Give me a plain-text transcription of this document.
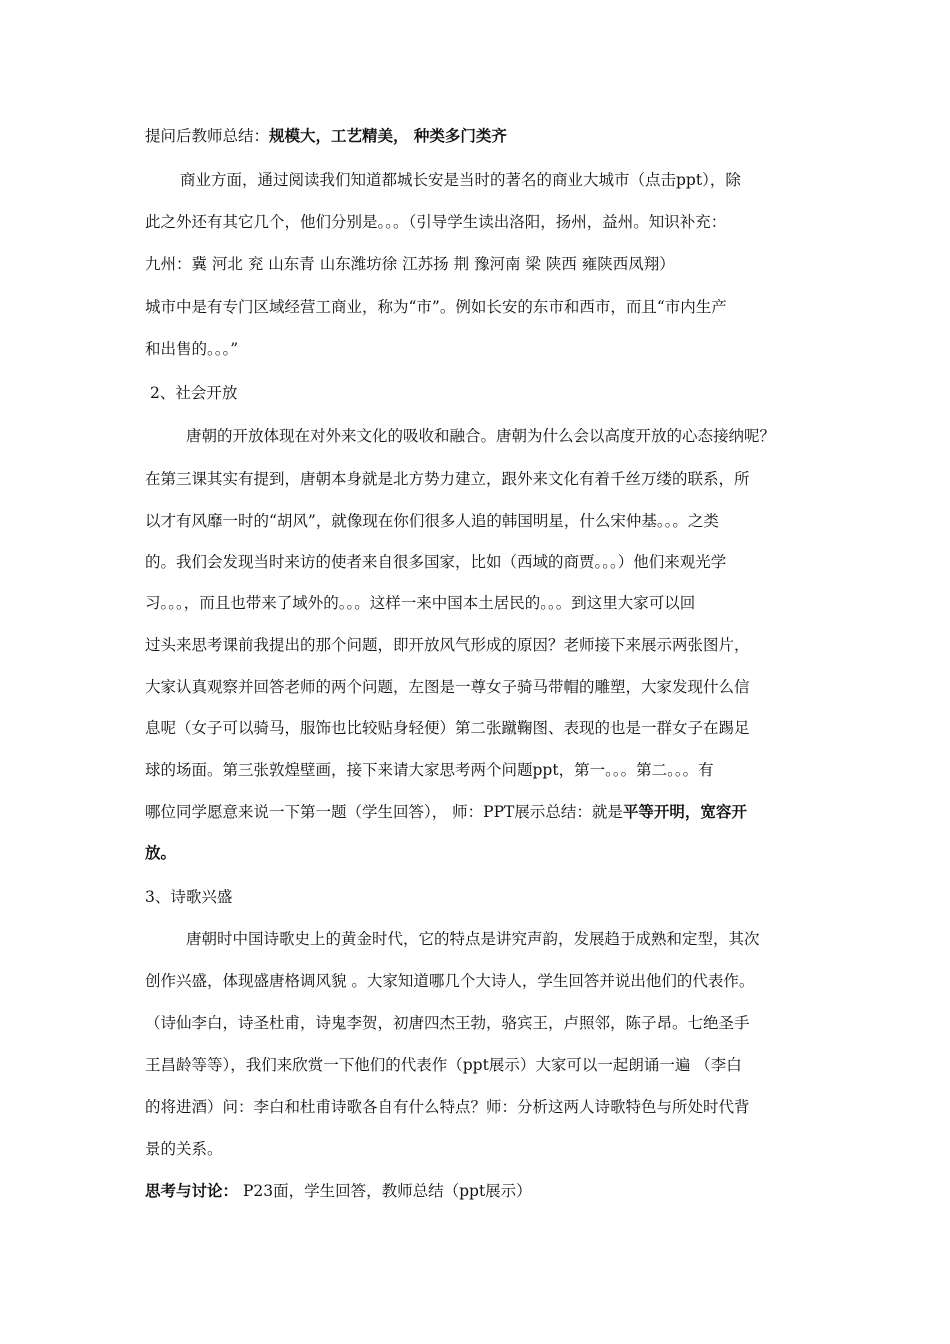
提问后教师总结：规模大，工艺精美， 种类多门类齐
商业方面，通过阅读我们知道都城长安是当时的著名的商业大城市（点击ppt），除
此之外还有其它几个，他们分别是。。。（引导学生读出洛阳，扬州，益州。知识补充：
九州：冀 河北 兖 山东青 山东潍坊徐 江苏扬 荆 豫河南 梁 陕西 雍陕西凤翔）
城市中是有专门区域经营工商业，称为“市”。例如长安的东市和西市，而且“市内生产
和出售的。。。”
2、社会开放
唐朝的开放体现在对外来文化的吸收和融合。唐朝为什么会以高度开放的心态接纳呢？
在第三课其实有提到，唐朝本身就是北方势力建立，跟外来文化有着千丝万缕的联系，所
以才有风靡一时的“胡风”，就像现在你们很多人追的韩国明星，什么宋仲基。。。之类
的。我们会发现当时来访的使者来自很多国家，比如（西域的商贾。。。）他们来观光学
习。。。，而且也带来了域外的。。。这样一来中国本土居民的。。。到这里大家可以回
过头来思考课前我提出的那个问题，即开放风气形成的原因？老师接下来展示两张图片，
大家认真观察并回答老师的两个问题，左图是一尊女子骑马带帽的雕塑，大家发现什么信
息呢（女子可以骑马，服饰也比较贴身轻便）第二张蹴鞠图、表现的也是一群女子在踢足
球的场面。第三张敦煌壁画，接下来请大家思考两个问题ppt，第一。。。第二。。。有
哪位同学愿意来说一下第一题（学生回答）， 师：PPT展示总结：就是平等开明，宽容开
放。
3、诗歌兴盛
唐朝时中国诗歌史上的黄金时代，它的特点是讲究声韵，发展趋于成熟和定型，其次
创作兴盛，体现盛唐格调风貌 。大家知道哪几个大诗人，学生回答并说出他们的代表作。
（诗仙李白，诗圣杜甫，诗鬼李贺，初唐四杰王勃，骆宾王，卢照邻，陈子昂。七绝圣手
王昌龄等等），我们来欣赏一下他们的代表作（ppt展示）大家可以一起朗诵一遍 （李白
的将进酒）问：李白和杜甫诗歌各自有什么特点？师：分析这两人诗歌特色与所处时代背
景的关系。
思考与讨论： P23面，学生回答，教师总结（ppt展示）
